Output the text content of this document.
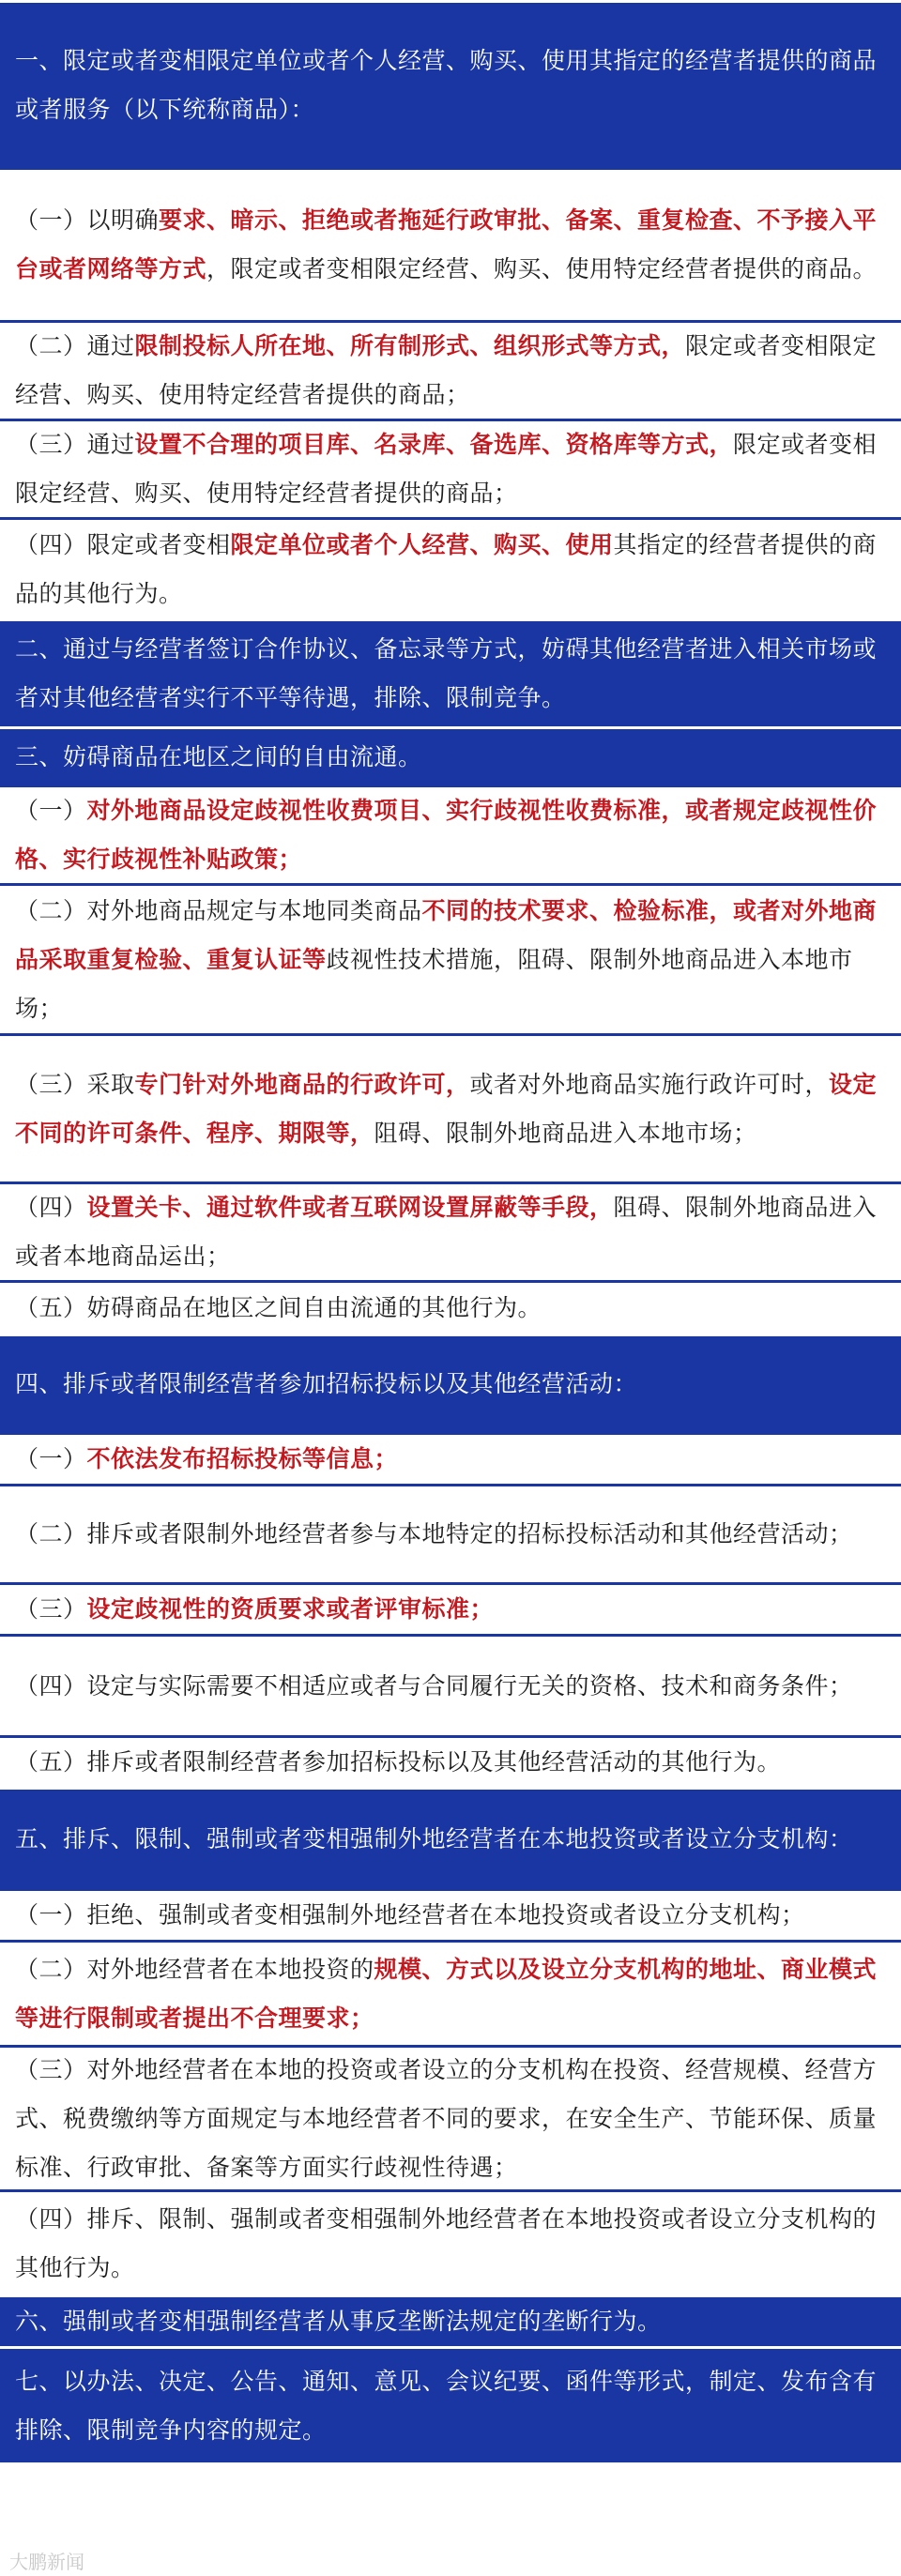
一、限定或者变相限定单位或者个人经营、购买、使用其指定的经营者提供的商品或者服务（以下统称商品）：
（一）以明确要求、暗示、拒绝或者拖延行政审批、备案、重复检查、不予接入平台或者网络等方式，限定或者变相限定经营、购买、使用特定经营者提供的商品。
（二）通过限制投标人所在地、所有制形式、组织形式等方式，限定或者变相限定经营、购买、使用特定经营者提供的商品；
（三）通过设置不合理的项目库、名录库、备选库、资格库等方式，限定或者变相限定经营、购买、使用特定经营者提供的商品；
（四）限定或者变相限定单位或者个人经营、购买、使用其指定的经营者提供的商品的其他行为。
二、通过与经营者签订合作协议、备忘录等方式，妨碍其他经营者进入相关市场或者对其他经营者实行不平等待遇，排除、限制竞争。
三、妨碍商品在地区之间的自由流通。
（一）对外地商品设定歧视性收费项目、实行歧视性收费标准，或者规定歧视性价格、实行歧视性补贴政策；
（二）对外地商品规定与本地同类商品不同的技术要求、检验标准，或者对外地商品采取重复检验、重复认证等歧视性技术措施，阻碍、限制外地商品进入本地市场；
（三）采取专门针对外地商品的行政许可，或者对外地商品实施行政许可时，设定不同的许可条件、程序、期限等，阻碍、限制外地商品进入本地市场；
（四）设置关卡、通过软件或者互联网设置屏蔽等手段，阻碍、限制外地商品进入或者本地商品运出；
（五）妨碍商品在地区之间自由流通的其他行为。
四、排斥或者限制经营者参加招标投标以及其他经营活动：
（一）不依法发布招标投标等信息；
（二）排斥或者限制外地经营者参与本地特定的招标投标活动和其他经营活动；
（三）设定歧视性的资质要求或者评审标准；
（四）设定与实际需要不相适应或者与合同履行无关的资格、技术和商务条件；
（五）排斥或者限制经营者参加招标投标以及其他经营活动的其他行为。
五、排斥、限制、强制或者变相强制外地经营者在本地投资或者设立分支机构：
（一）拒绝、强制或者变相强制外地经营者在本地投资或者设立分支机构；
（二）对外地经营者在本地投资的规模、方式以及设立分支机构的地址、商业模式等进行限制或者提出不合理要求；
（三）对外地经营者在本地的投资或者设立的分支机构在投资、经营规模、经营方式、税费缴纳等方面规定与本地经营者不同的要求，在安全生产、节能环保、质量标准、行政审批、备案等方面实行歧视性待遇；
（四）排斥、限制、强制或者变相强制外地经营者在本地投资或者设立分支机构的其他行为。
六、强制或者变相强制经营者从事反垄断法规定的垄断行为。
七、以办法、决定、公告、通知、意见、会议纪要、函件等形式，制定、发布含有排除、限制竞争内容的规定。
大鹏新闻
